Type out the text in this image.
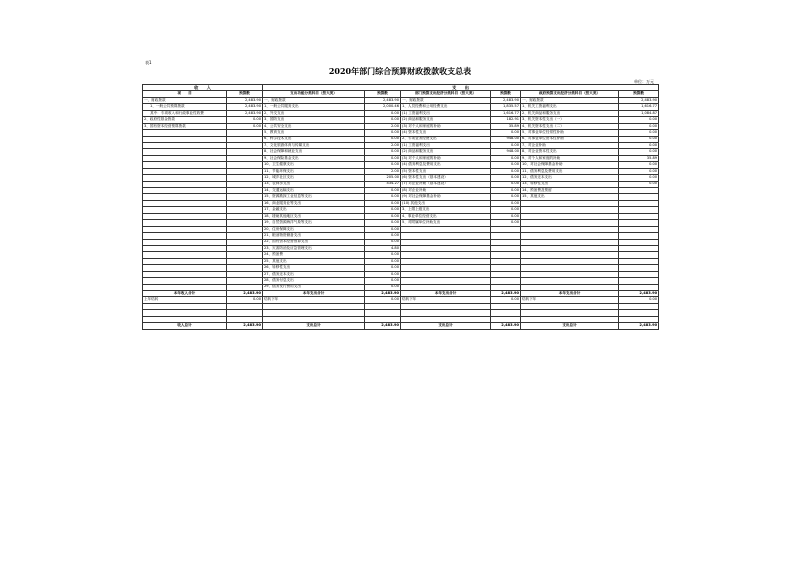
表1
2020年部门综合预算财政拨款收支总表
单位：万元
收　　入		支　　出					
项　　目	预算数	支出功能分类科目（按大类）	预算数	部门预算支出经济分类科目（按大类）	预算数	政府预算支出经济分类科目（按大类）	预算数
一、财政拨款	2,483.90	一、财政拨款	2,483.90	一、财政拨款	2,483.90	一、财政拨款	2,483.90
1、一般公共预算拨款	2,483.90	1、一般公共服务支出	2,000.46	1、人员经费和公用经费支出	1,835.57	1、机关工资福利支出	1,616.77
其中：专项收入和行政事业性收费	2,483.90	2、外交支出	0.00	(1) 工资福利支出	1,616.77	2、机关商品和服务支出	1,084.87
2、政府性基金拨款	0.00	3、国防支出	0.00	(2) 商品和服务支出	182.91	3、机关资本性支出（一）	0.00
3、国有资本经营预算拨款	0.00	4、公共安全支出	2.00	(3) 对个人和家庭的补助	35.89	4、机关资本性支出（二）	0.00
		5、教育支出	0.00	(4) 资本性支出	0.00	5、对事业单位经常性补助	0.00
		6、科学技术支出	0.00	2、专项业务经费支出	948.00	6、对事业单位资本性补助	0.00
		7、文化旅游体育与传媒支出	2.00	(1) 工资福利支出	0.00	7、对企业补助	0.00
		8、社会保障和就业支出	0.00	(2) 商品和服务支出	948.00	8、对企业资本性支出	0.00
		9、社会保险基金支出	0.00	(3) 对个人和家庭的补助	0.00	9、对个人和家庭的补助	35.89
		10、卫生健康支出	0.00	(4) 债务利息及费用支出	0.00	10、对社会保障基金补助	0.00
		11、节能环保支出	2.00	(5) 资本性支出	0.00	11、债务利息及费用支出	0.00
		12、城乡社区支出	205.00	(6) 资本性支出（基本建设）	0.00	12、债务还本支出	0.00
		13、农林水支出	434.27	(7) 对企业补助（基本建设）	0.00	13、转移性支出	0.00
		14、交通运输支出	0.00	(8) 对企业补助	0.00	14、预备费及预留	
		15、资源勘探工业信息等支出	0.00	(9) 对社会保障基金补助	0.00	15、其他支出	
		16、商业服务业等支出	0.00	(10) 其他支出	0.00		
		17、金融支出	0.00	3、上缴上级支出	0.00		
		18、援助其他地区支出	0.00	4、事业单位经营支出	0.00		
		19、自然资源海洋气象等支出	0.00	5、对附属单位补助支出	0.00		
		20、住房保障支出	0.00				
		21、粮油物资储备支出	0.00				
		22、国有资本经营预算支出	0.00				
		23、灾害防治及应急管理支出	4.80				
		24、预备费	0.00				
		25、其他支出	0.00				
		26、转移性支出	0.00				
		27、债务还本支出	0.00				
		28、债务付息支出	0.00				
		29、债务发行费用支出	0.00				
本年收入合计	2,483.90	本年支出合计	2,483.90	本年支出合计	2,483.90	本年支出合计	2,483.90
上年结转	0.00	结转下年	0.00	结转下年	0.00	结转下年	0.00

收入总计	2,483.90	支出总计	2,483.90	支出总计	2,483.90	支出总计	2,483.90
